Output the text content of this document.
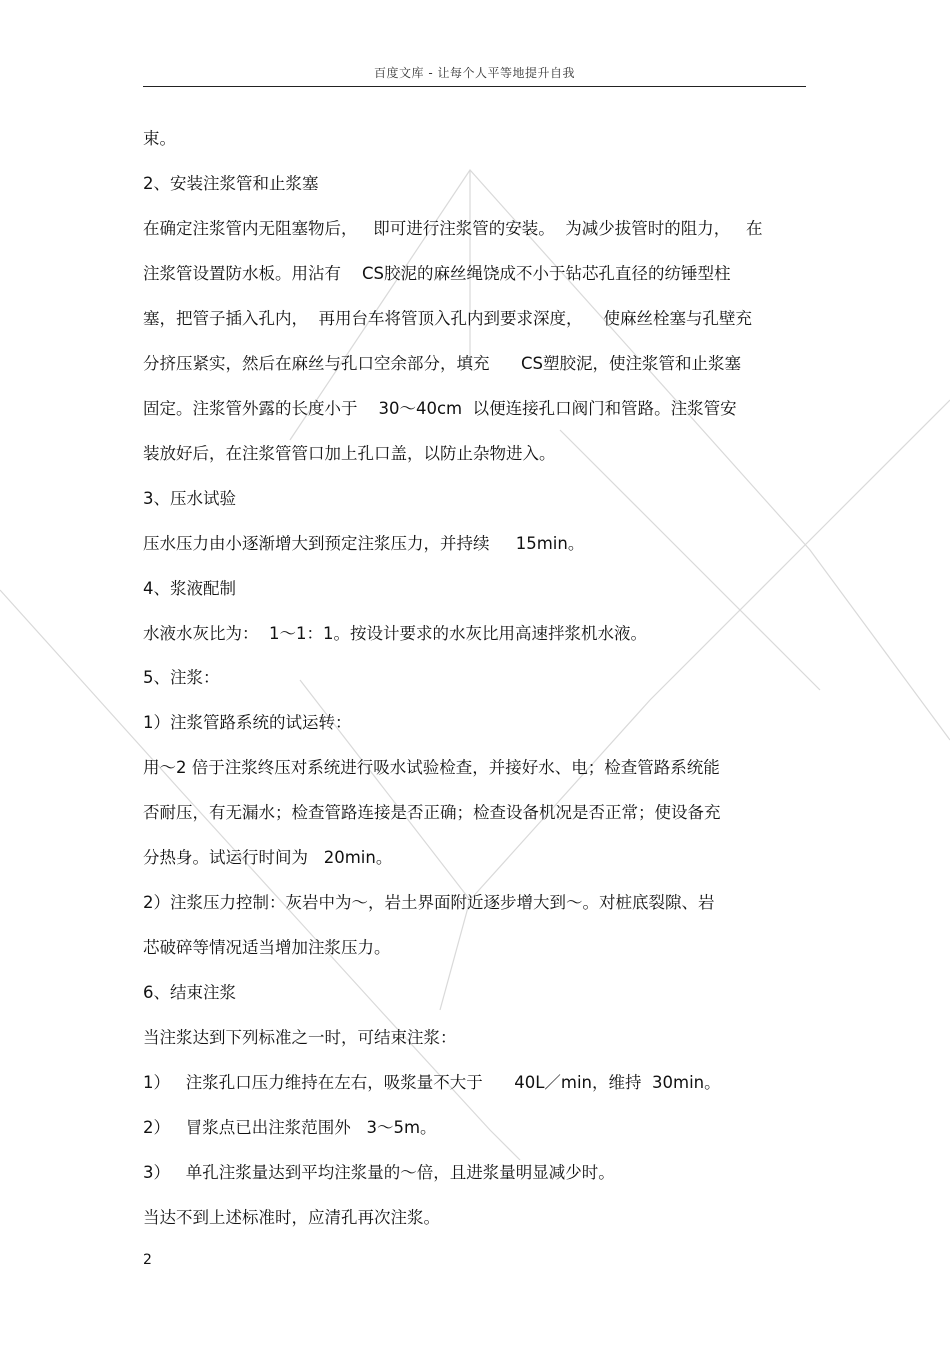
百度文库 - 让每个人平等地提升自我
束。
2、安装注浆管和止浆塞
在确定注浆管内无阻塞物后，   即可进行注浆管的安装。  为减少拔管时的阻力，   在
注浆管设置防水板。用沾有    CS胶泥的麻丝绳饶成不小于钻芯孔直径的纺锤型柱
塞，把管子插入孔内，  再用台车将管顶入孔内到要求深度，    使麻丝栓塞与孔壁充
分挤压紧实，然后在麻丝与孔口空余部分，填充      CS塑胶泥，使注浆管和止浆塞
固定。注浆管外露的长度小于    30～40cm  以便连接孔口阀门和管路。注浆管安
装放好后，在注浆管管口加上孔口盖，以防止杂物进入。
3、压水试验
压水压力由小逐渐增大到预定注浆压力，并持续     15min。
4、浆液配制
水液水灰比为：  1～1：1。按设计要求的水灰比用高速拌浆机水液。
5、注浆：
1）注浆管路系统的试运转：
用～2 倍于注浆终压对系统进行吸水试验检查，并接好水、电；检查管路系统能
否耐压，有无漏水；检查管路连接是否正确；检查设备机况是否正常；使设备充
分热身。试运行时间为   20min。
2）注浆压力控制：灰岩中为～，岩土界面附近逐步增大到～。对桩底裂隙、岩
芯破碎等情况适当增加注浆压力。
6、结束注浆
当注浆达到下列标准之一时，可结束注浆：
1）   注浆孔口压力维持在左右，吸浆量不大于      40L／min，维持  30min。
2）   冒浆点已出注浆范围外   3～5m。
3）   单孔注浆量达到平均注浆量的～倍，且进浆量明显减少时。
当达不到上述标准时，应清孔再次注浆。
2
